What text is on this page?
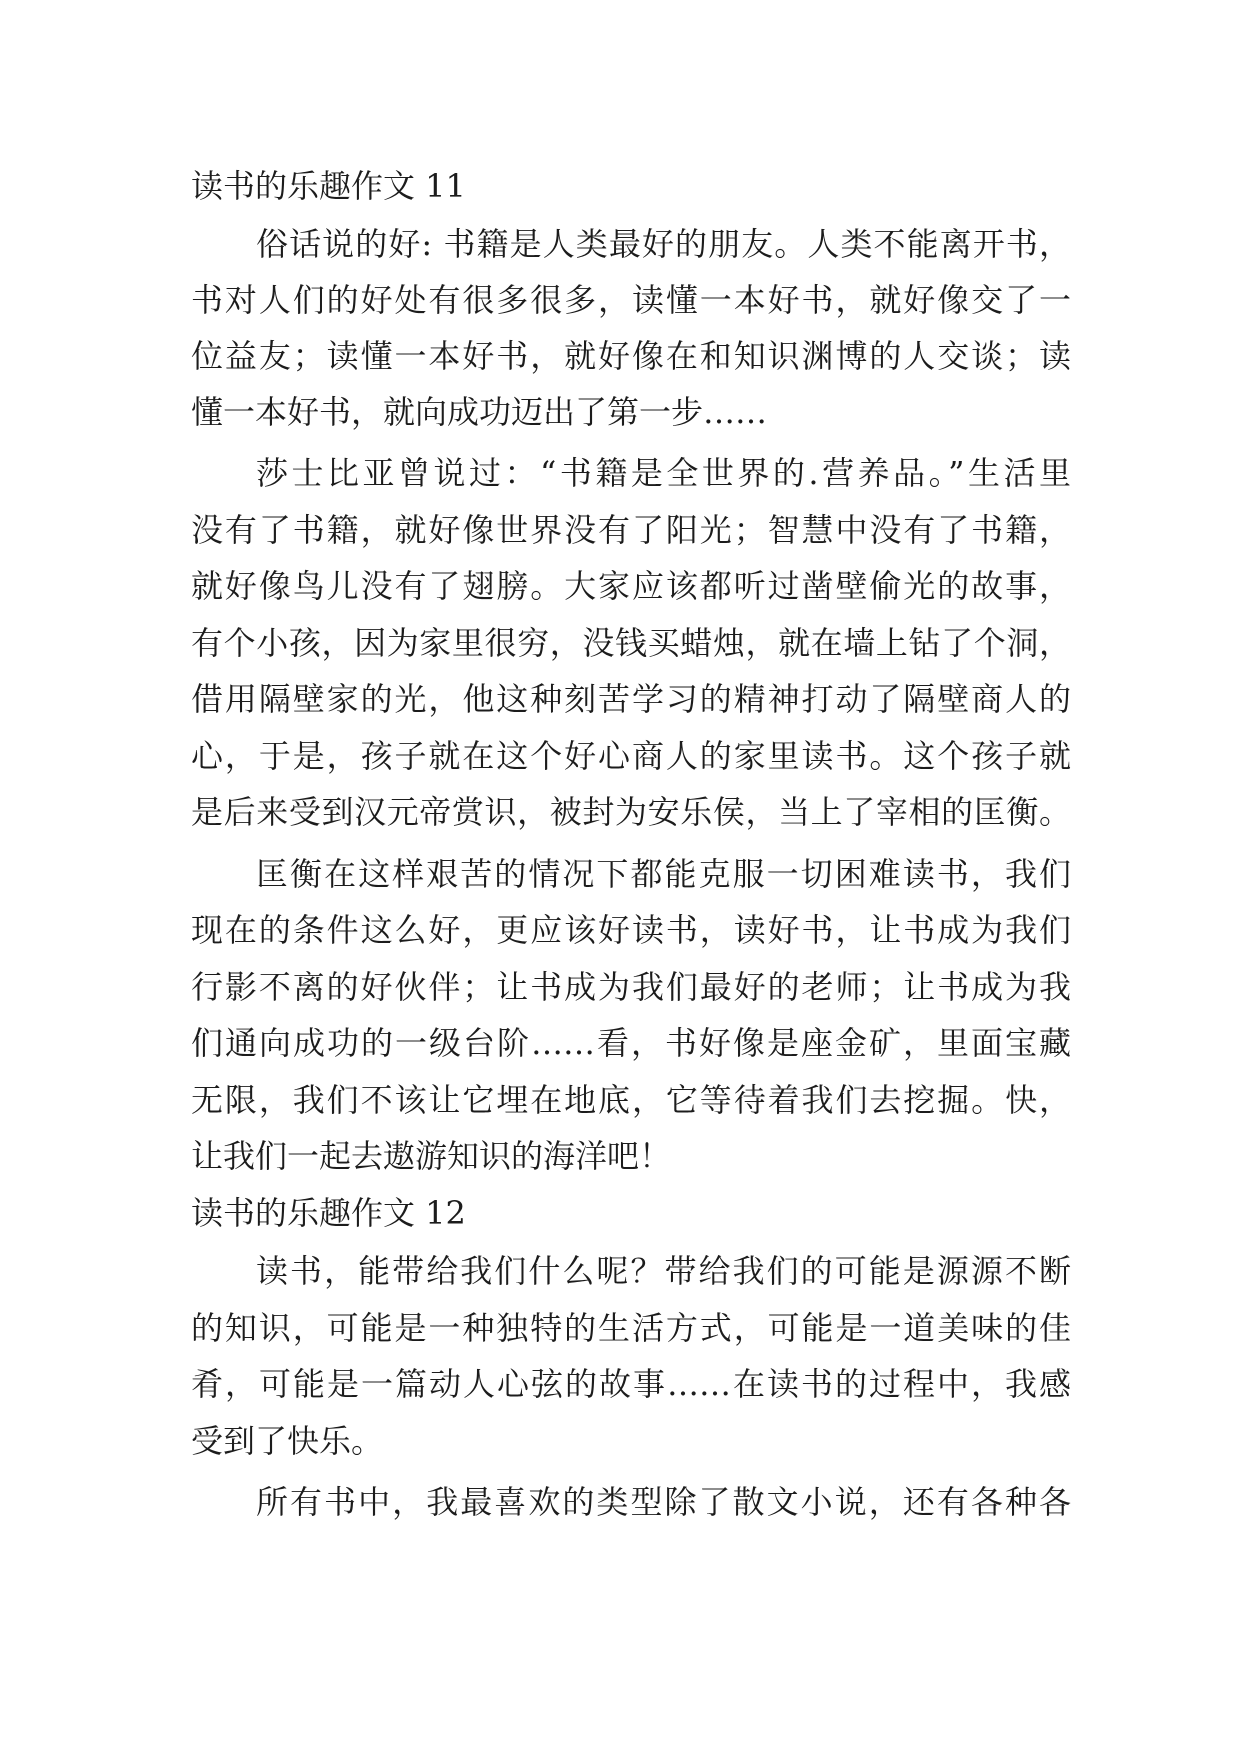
读书的乐趣作文 11
俗话说的好: 书籍是人类最好的朋友。人类不能离开书，
书对人们的好处有很多很多，读懂一本好书，就好像交了一
位益友；读懂一本好书，就好像在和知识渊博的人交谈；读
懂一本好书，就向成功迈出了第一步……
莎士比亚曾说过：“书籍是全世界的.营养品。”生活里
没有了书籍，就好像世界没有了阳光；智慧中没有了书籍，
就好像鸟儿没有了翅膀。大家应该都听过凿壁偷光的故事，
有个小孩，因为家里很穷，没钱买蜡烛，就在墙上钻了个洞，
借用隔壁家的光，他这种刻苦学习的精神打动了隔壁商人的
心，于是，孩子就在这个好心商人的家里读书。这个孩子就
是后来受到汉元帝赏识，被封为安乐侯，当上了宰相的匡衡。
匡衡在这样艰苦的情况下都能克服一切困难读书，我们
现在的条件这么好，更应该好读书，读好书，让书成为我们
行影不离的好伙伴；让书成为我们最好的老师；让书成为我
们通向成功的一级台阶……看，书好像是座金矿，里面宝藏
无限，我们不该让它埋在地底，它等待着我们去挖掘。快，
让我们一起去遨游知识的海洋吧！
读书的乐趣作文 12
读书，能带给我们什么呢？带给我们的可能是源源不断
的知识，可能是一种独特的生活方式，可能是一道美味的佳
肴，可能是一篇动人心弦的故事……在读书的过程中，我感
受到了快乐。
所有书中，我最喜欢的类型除了散文小说，还有各种各
